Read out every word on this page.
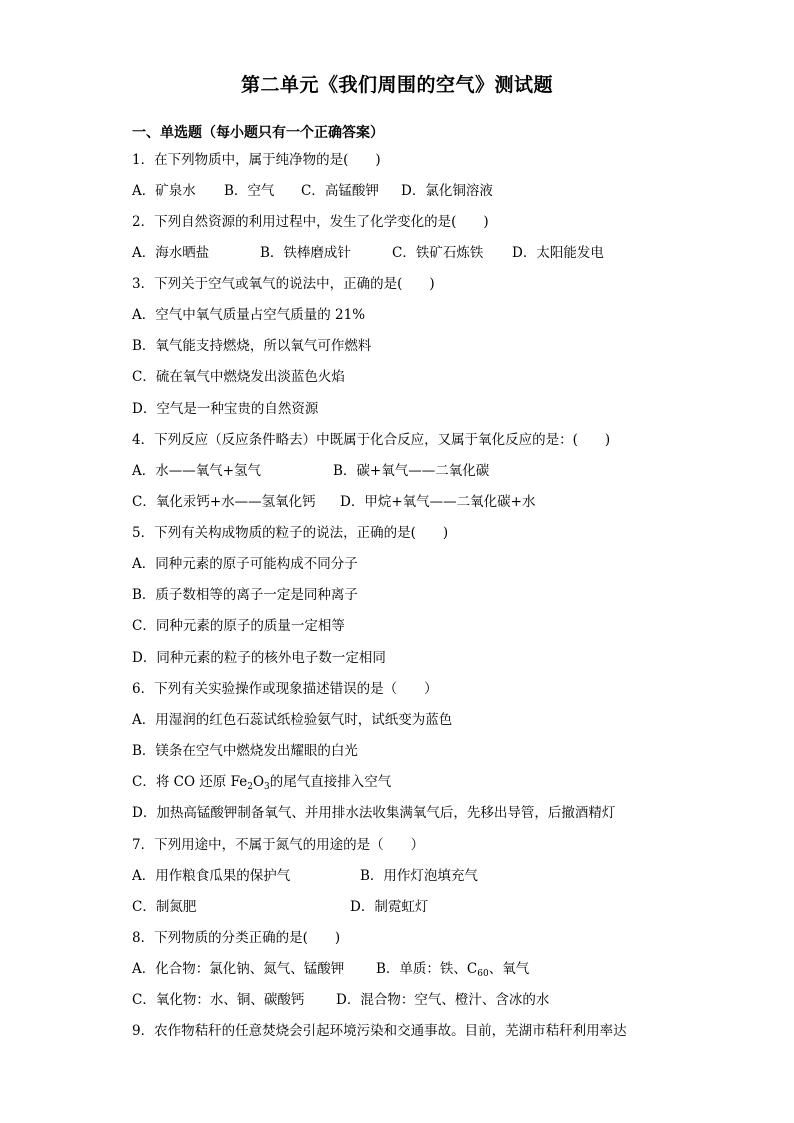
第二单元《我们周围的空气》测试题
一、单选题（每小题只有一个正确答案）
1．在下列物质中，属于纯净物的是(　　)
A．矿泉水 B．空气 C．高锰酸钾 D．氯化铜溶液
2．下列自然资源的利用过程中，发生了化学变化的是(　　)
A．海水晒盐	B．铁棒磨成针	C．铁矿石炼铁 D．太阳能发电
3．下列关于空气或氧气的说法中，正确的是(　　)
A．空气中氧气质量占空气质量的 21%
B．氧气能支持燃烧，所以氧气可作燃料
C．硫在氧气中燃烧发出淡蓝色火焰
D．空气是一种宝贵的自然资源
4．下列反应（反应条件略去）中既属于化合反应，又属于氧化反应的是：(　　)
A．水——氧气+氢气	B．碳+氧气——二氧化碳
C．氧化汞钙+水——氢氧化钙 D．甲烷+氧气——二氧化碳+水
5．下列有关构成物质的粒子的说法，正确的是(　　)
A．同种元素的原子可能构成不同分子
B．质子数相等的离子一定是同种离子
C．同种元素的原子的质量一定相等
D．同种元素的粒子的核外电子数一定相同
6．下列有关实验操作或现象描述错误的是（　　）
A．用湿润的红色石蕊试纸检验氨气时，试纸变为蓝色
B．镁条在空气中燃烧发出耀眼的白光
C．将 CO 还原 $Fe_2O_3$的尾气直接排入空气
D．加热高锰酸钾制备氧气、并用排水法收集满氧气后，先移出导管，后撤酒精灯
7．下列用途中，不属于氮气的用途的是（　　）
A．用作粮食瓜果的保护气	B．用作灯泡填充气
C．制氮肥	D．制霓虹灯
8．下列物质的分类正确的是(　　)
A．化合物：氯化钠、氮气、锰酸钾 B．单质：铁、$C_{60}$、氧气
C．氧化物：水、铜、碳酸钙 D．混合物：空气、橙汁、含冰的水
9．农作物秸秆的任意焚烧会引起环境污染和交通事故。目前，芜湖市秸秆利用率达
